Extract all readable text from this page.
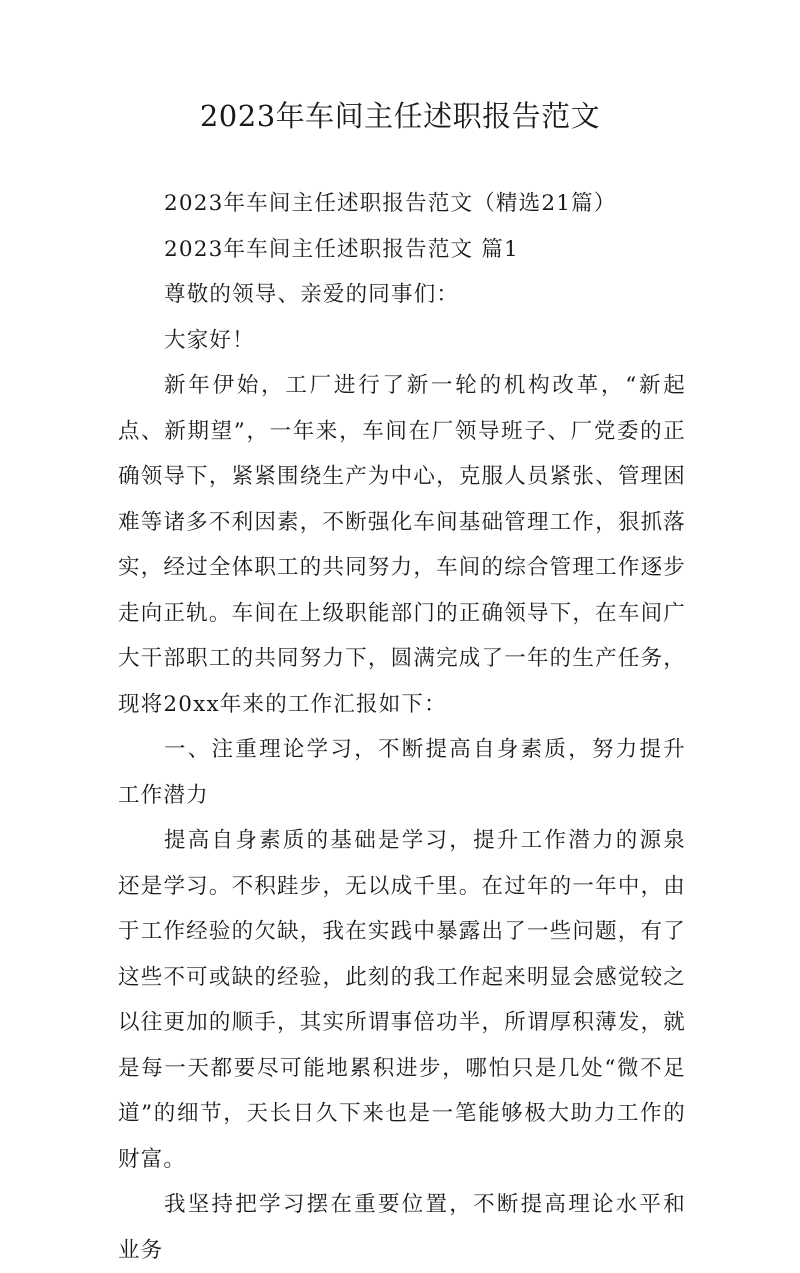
2023年车间主任述职报告范文

2023年车间主任述职报告范文（精选21篇）

2023年车间主任述职报告范文 篇1

尊敬的领导、亲爱的同事们：

大家好！

新年伊始，工厂进行了新一轮的机构改革，“新起点、新期望”，一年来，车间在厂领导班子、厂党委的正确领导下，紧紧围绕生产为中心，克服人员紧张、管理困难等诸多不利因素，不断强化车间基础管理工作，狠抓落实，经过全体职工的共同努力，车间的综合管理工作逐步走向正轨。车间在上级职能部门的正确领导下，在车间广大干部职工的共同努力下，圆满完成了一年的生产任务，现将20xx年来的工作汇报如下：

一、注重理论学习，不断提高自身素质，努力提升工作潜力

提高自身素质的基础是学习，提升工作潜力的源泉还是学习。不积跬步，无以成千里。在过年的一年中，由于工作经验的欠缺，我在实践中暴露出了一些问题，有了这些不可或缺的经验，此刻的我工作起来明显会感觉较之以往更加的顺手，其实所谓事倍功半，所谓厚积薄发，就是每一天都要尽可能地累积进步，哪怕只是几处“微不足道”的细节，天长日久下来也是一笔能够极大助力工作的财富。

我坚持把学习摆在重要位置，不断提高理论水平和业务
